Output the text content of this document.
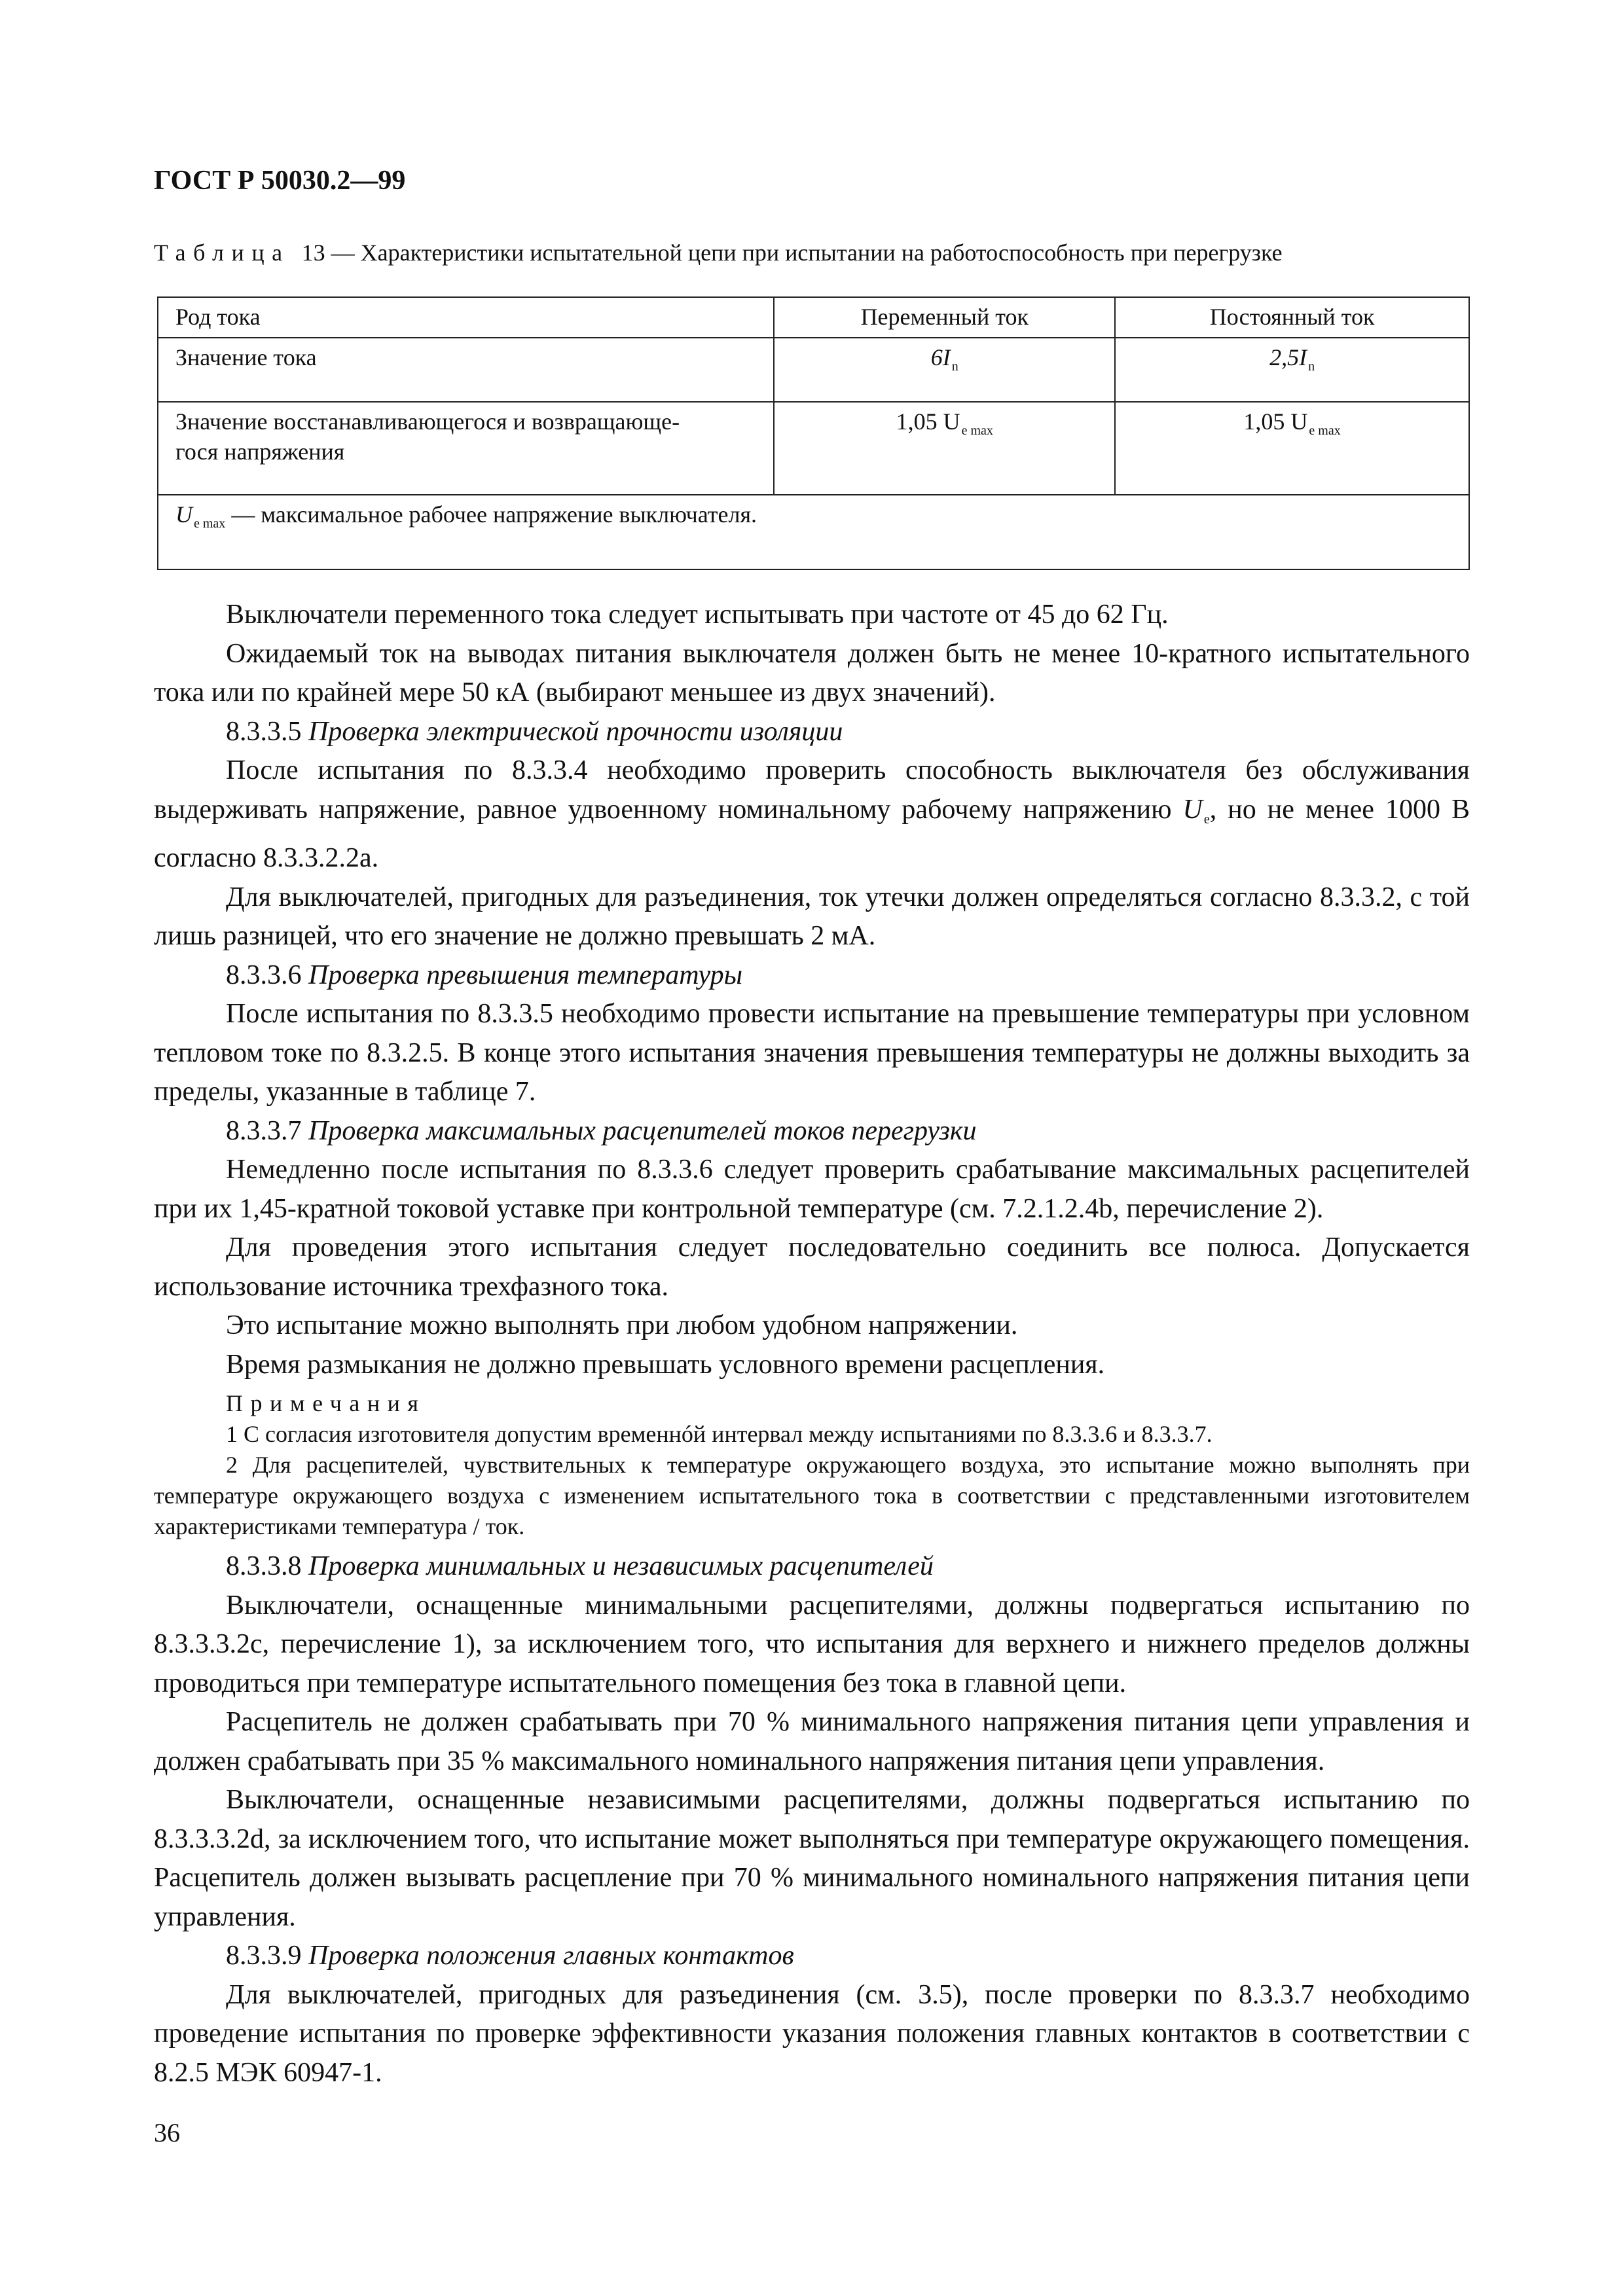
ГОСТ Р 50030.2—99
Таблица 13 — Характеристики испытательной цепи при испытании на работоспособность при перегрузке
Род тока	Переменный ток	Постоянный ток
Значение тока	6I $_n$	2,5I $_n$
Значение восстанавливающегося и возвращающе-
гося напряжения	1,05 U $_{e max}$	1,05 U $_{e max}$
U $_{e max}$ — максимальное рабочее напряжение выключателя.		

Выключатели переменного тока следует испытывать при частоте от 45 до 62 Гц.

Ожидаемый ток на выводах питания выключателя должен быть не менее 10-кратного испытательного тока или по крайней мере 50 кА (выбирают меньшее из двух значений).

8.3.3.5 Проверка электрической прочности изоляции

После испытания по 8.3.3.4 необходимо проверить способность выключателя без обслуживания выдерживать напряжение, равное удвоенному номинальному рабочему напряжению U $_e$, но не менее 1000 В согласно 8.3.3.2.2а.

Для выключателей, пригодных для разъединения, ток утечки должен определяться согласно 8.3.3.2, с той лишь разницей, что его значение не должно превышать 2 мА.

8.3.3.6 Проверка превышения температуры

После испытания по 8.3.3.5 необходимо провести испытание на превышение температуры при условном тепловом токе по 8.3.2.5. В конце этого испытания значения превышения температуры не должны выходить за пределы, указанные в таблице 7.

8.3.3.7 Проверка максимальных расцепителей токов перегрузки

Немедленно после испытания по 8.3.3.6 следует проверить срабатывание максимальных расцепителей при их 1,45-кратной токовой уставке при контрольной температуре (см. 7.2.1.2.4b, перечисление 2).

Для проведения этого испытания следует последовательно соединить все полюса. Допускается использование источника трехфазного тока.

Это испытание можно выполнять при любом удобном напряжении.

Время размыкания не должно превышать условного времени расцепления.

Примечания

1 С согласия изготовителя допустим временнóй интервал между испытаниями по 8.3.3.6 и 8.3.3.7.

2 Для расцепителей, чувствительных к температуре окружающего воздуха, это испытание можно выполнять при температуре окружающего воздуха с изменением испытательного тока в соответствии с представленными изготовителем характеристиками температура / ток.

8.3.3.8 Проверка минимальных и независимых расцепителей

Выключатели, оснащенные минимальными расцепителями, должны подвергаться испытанию по 8.3.3.3.2с, перечисление 1), за исключением того, что испытания для верхнего и нижнего пределов должны проводиться при температуре испытательного помещения без тока в главной цепи.

Расцепитель не должен срабатывать при 70 % минимального напряжения питания цепи управления и должен срабатывать при 35 % максимального номинального напряжения питания цепи управления.

Выключатели, оснащенные независимыми расцепителями, должны подвергаться испытанию по 8.3.3.3.2d, за исключением того, что испытание может выполняться при температуре окружающего помещения. Расцепитель должен вызывать расцепление при 70 % минимального номинального напряжения питания цепи управления.

8.3.3.9 Проверка положения главных контактов

Для выключателей, пригодных для разъединения (см. 3.5), после проверки по 8.3.3.7 необходимо проведение испытания по проверке эффективности указания положения главных контактов в соответствии с 8.2.5 МЭК 60947-1.

36
